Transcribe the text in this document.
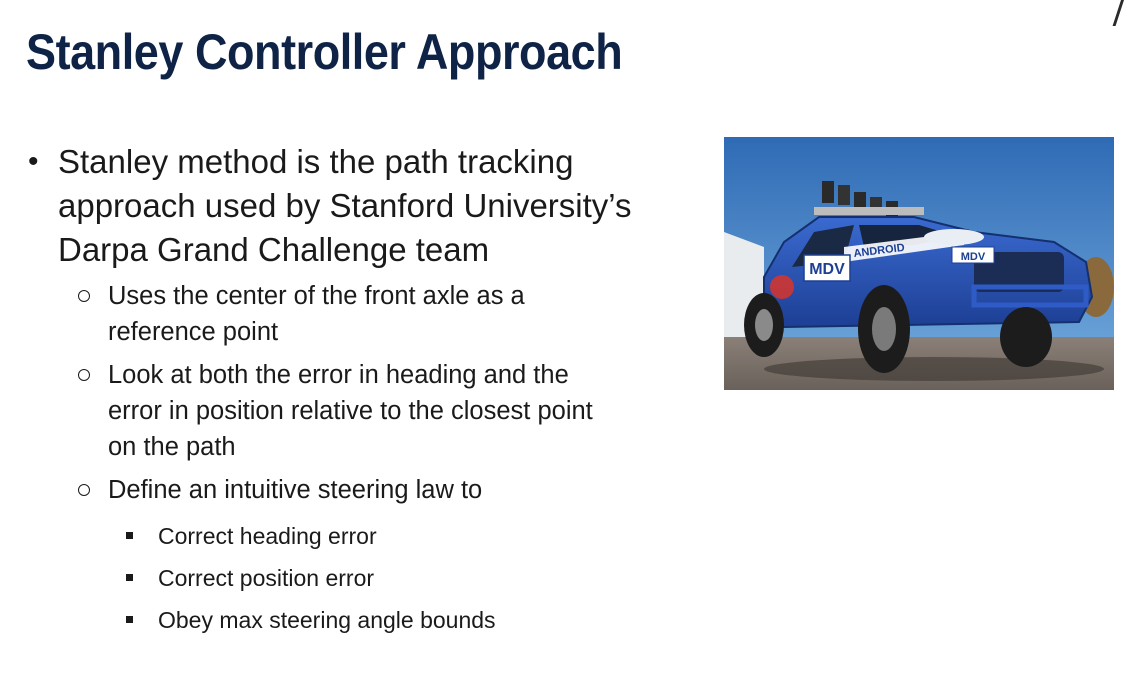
Stanley Controller Approach
• Stanley method is the path tracking
approach used by Stanford University’s
Darpa Grand Challenge team
Uses the center of the front axle as a
reference point
Look at both the error in heading and the
error in position relative to the closest point
on the path
Define an intuitive steering law to
Correct heading error
Correct position error
Obey max steering angle bounds
ANDROID
MDV
MDV
